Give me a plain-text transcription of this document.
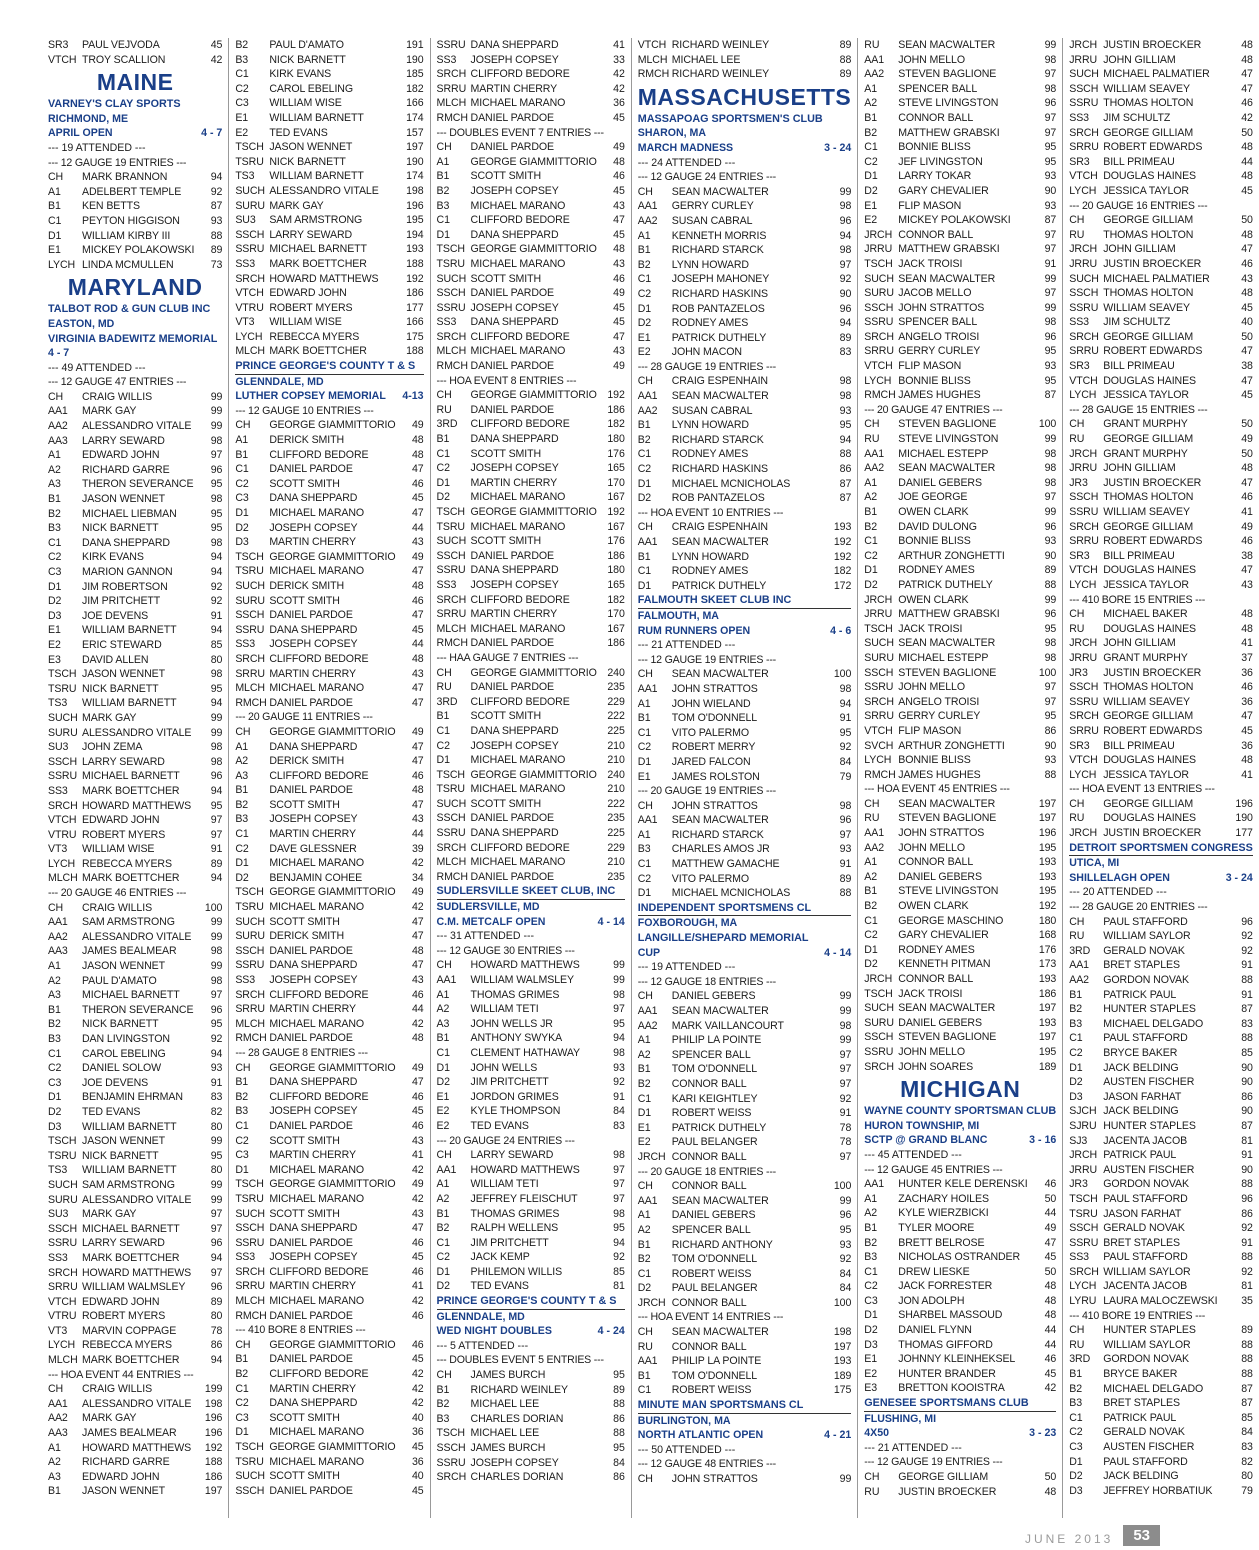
SR3	PAUL VEJVODA	45
VTCH TROY SCALLION	42
MAINE
VARNEY'S CLAY SPORTS
RICHMOND, ME
APRIL OPEN	4 - 7
--- 19 ATTENDED ---
--- 12 GAUGE 19 ENTRIES ---
CH	MARK BRANNON	94
A1	ADELBERT TEMPLE	92
B1	KEN BETTS	87
C1	PEYTON HIGGISON	93
D1	WILLIAM KIRBY III	88
E1	MICKEY POLAKOWSKI	89
LYCH LINDA MCMULLEN	73
MARYLAND
TALBOT ROD & GUN CLUB INC
EASTON, MD
VIRGINIA BADEWITZ MEMORIAL
4 - 7
--- 49 ATTENDED ---
--- 12 GAUGE 47 ENTRIES ---
CH	CRAIG WILLIS	99
AA1	MARK GAY	99
AA2	ALESSANDRO VITALE	99
AA3	LARRY SEWARD	98
A1	EDWARD JOHN	97
A2	RICHARD GARRE	96
A3	THERON SEVERANCE	95
B1	JASON WENNET	98
B2	MICHAEL LIEBMAN	95
B3	NICK BARNETT	95
C1	DANA SHEPPARD	98
C2	KIRK EVANS	94
C3	MARION GANNON	94
D1	JIM ROBERTSON	92
D2	JIM PRITCHETT	92
D3	JOE DEVENS	91
E1	WILLIAM BARNETT	94
E2	ERIC STEWARD	85
E3	DAVID ALLEN	80
TSCH JASON WENNET	98
TSRU NICK BARNETT	95
TS3	WILLIAM BARNETT	94
SUCH MARK GAY	99
SURU ALESSANDRO VITALE	99
SU3	JOHN ZEMA	98
SSCH LARRY SEWARD	98
SSRU MICHAEL BARNETT	96
SS3	MARK BOETTCHER	94
SRCH HOWARD MATTHEWS	95
VTCH EDWARD JOHN	97
VTRU ROBERT MYERS	97
VT3	WILLIAM WISE	91
LYCH REBECCA MYERS	89
MLCH MARK BOETTCHER	94
--- 20 GAUGE 46 ENTRIES ---
CH	CRAIG WILLIS	100
AA1	SAM ARMSTRONG	99
AA2	ALESSANDRO VITALE	99
AA3	JAMES BEALMEAR	98
A1	JASON WENNET	99
A2	PAUL D'AMATO	98
A3	MICHAEL BARNETT	97
B1	THERON SEVERANCE	96
B2	NICK BARNETT	95
B3	DAN LIVINGSTON	92
C1	CAROL EBELING	94
C2	DANIEL SOLOW	93
C3	JOE DEVENS	91
D1	BENJAMIN EHRMAN	83
D2	TED EVANS	82
D3	WILLIAM BARNETT	80
TSCH JASON WENNET	99
TSRU NICK BARNETT	95
TS3	WILLIAM BARNETT	80
SUCH SAM ARMSTRONG	99
SURU ALESSANDRO VITALE	99
SU3	MARK GAY	97
SSCH MICHAEL BARNETT	97
SSRU LARRY SEWARD	96
SS3	MARK BOETTCHER	94
SRCH HOWARD MATTHEWS	97
SRRU WILLIAM WALMSLEY	96
VTCH EDWARD JOHN	89
VTRU ROBERT MYERS	80
VT3	MARVIN COPPAGE	78
LYCH REBECCA MYERS	86
MLCH MARK BOETTCHER	94
--- HOA EVENT 44 ENTRIES ---
CH	CRAIG WILLIS	199
AA1	ALESSANDRO VITALE	198
AA2	MARK GAY	196
AA3	JAMES BEALMEAR	196
A1	HOWARD MATTHEWS	192
A2	RICHARD GARRE	188
A3	EDWARD JOHN	186
B1	JASON WENNET	197
B2	PAUL D'AMATO	191
B3	NICK BARNETT	190
C1	KIRK EVANS	185
C2	CAROL EBELING	182
C3	WILLIAM WISE	166
E1	WILLIAM BARNETT	174
E2	TED EVANS	157
TSCH JASON WENNET	197
TSRU NICK BARNETT	190
TS3	WILLIAM BARNETT	174
SUCH ALESSANDRO VITALE	198
SURU MARK GAY	196
SU3	SAM ARMSTRONG	195
SSCH LARRY SEWARD	194
SSRU MICHAEL BARNETT	193
SS3	MARK BOETTCHER	188
SRCH HOWARD MATTHEWS	192
VTCH EDWARD JOHN	186
VTRU ROBERT MYERS	177
VT3	WILLIAM WISE	166
LYCH REBECCA MYERS	175
MLCH MARK BOETTCHER	188
PRINCE GEORGE'S COUNTY T & S
GLENNDALE, MD
LUTHER COPSEY MEMORIAL	4-13
--- 12 GAUGE 10 ENTRIES ---
CH	GEORGE GIAMMITTORIO	49
A1	DERICK SMITH	48
B1	CLIFFORD BEDORE	48
C1	DANIEL PARDOE	47
C2	SCOTT SMITH	46
C3	DANA SHEPPARD	45
D1	MICHAEL MARANO	47
D2	JOSEPH COPSEY	44
D3	MARTIN CHERRY	43
TSCH GEORGE GIAMMITTORIO	49
TSRU MICHAEL MARANO	47
SUCH DERICK SMITH	48
SURU SCOTT SMITH	46
SSCH DANIEL PARDOE	47
SSRU DANA SHEPPARD	45
SS3	JOSEPH COPSEY	44
SRCH CLIFFORD BEDORE	48
SRRU MARTIN CHERRY	43
MLCH MICHAEL MARANO	47
RMCH DANIEL PARDOE	47
--- 20 GAUGE 11 ENTRIES ---
CH	GEORGE GIAMMITTORIO	49
A1	DANA SHEPPARD	47
A2	DERICK SMITH	47
A3	CLIFFORD BEDORE	46
B1	DANIEL PARDOE	48
B2	SCOTT SMITH	47
B3	JOSEPH COPSEY	43
C1	MARTIN CHERRY	44
C2	DAVE GLESSNER	39
D1	MICHAEL MARANO	42
D2	BENJAMIN COHEE	34
TSCH GEORGE GIAMMITTORIO	49
TSRU MICHAEL MARANO	42
SUCH SCOTT SMITH	47
SURU DERICK SMITH	47
SSCH DANIEL PARDOE	48
SSRU DANA SHEPPARD	47
SS3	JOSEPH COPSEY	43
SRCH CLIFFORD BEDORE	46
SRRU MARTIN CHERRY	44
MLCH MICHAEL MARANO	42
RMCH DANIEL PARDOE	48
--- 28 GAUGE 8 ENTRIES ---
CH	GEORGE GIAMMITTORIO	49
B1	DANA SHEPPARD	47
B2	CLIFFORD BEDORE	46
B3	JOSEPH COPSEY	45
C1	DANIEL PARDOE	46
C2	SCOTT SMITH	43
C3	MARTIN CHERRY	41
D1	MICHAEL MARANO	42
TSCH GEORGE GIAMMITTORIO	49
TSRU MICHAEL MARANO	42
SUCH SCOTT SMITH	43
SSCH DANA SHEPPARD	47
SSRU DANIEL PARDOE	46
SS3	JOSEPH COPSEY	45
SRCH CLIFFORD BEDORE	46
SRRU MARTIN CHERRY	41
MLCH MICHAEL MARANO	42
RMCH DANIEL PARDOE	46
--- 410 BORE 8 ENTRIES ---
CH	GEORGE GIAMMITTORIO	46
B1	DANIEL PARDOE	45
B2	CLIFFORD BEDORE	42
C1	MARTIN CHERRY	42
C2	DANA SHEPPARD	42
C3	SCOTT SMITH	40
D1	MICHAEL MARANO	36
TSCH GEORGE GIAMMITTORIO	45
TSRU MICHAEL MARANO	36
SUCH SCOTT SMITH	40
SSCH DANIEL PARDOE	45
SSRU DANA SHEPPARD	41
SS3	JOSEPH COPSEY	33
SRCH CLIFFORD BEDORE	42
SRRU MARTIN CHERRY	42
MLCH MICHAEL MARANO	36
RMCH DANIEL PARDOE	45
--- DOUBLES EVENT 7 ENTRIES ---
CH	DANIEL PARDOE	49
A1	GEORGE GIAMMITTORIO	48
B1	SCOTT SMITH	46
B2	JOSEPH COPSEY	45
B3	MICHAEL MARANO	43
C1	CLIFFORD BEDORE	47
D1	DANA SHEPPARD	45
TSCH GEORGE GIAMMITTORIO	48
TSRU MICHAEL MARANO	43
SUCH SCOTT SMITH	46
SSCH DANIEL PARDOE	49
SSRU JOSEPH COPSEY	45
SS3	DANA SHEPPARD	45
SRCH CLIFFORD BEDORE	47
MLCH MICHAEL MARANO	43
RMCH DANIEL PARDOE	49
--- HOA EVENT 8 ENTRIES ---
CH	GEORGE GIAMMITTORIO	192
RU	DANIEL PARDOE	186
3RD	CLIFFORD BEDORE	182
B1	DANA SHEPPARD	180
C1	SCOTT SMITH	176
C2	JOSEPH COPSEY	165
D1	MARTIN CHERRY	170
D2	MICHAEL MARANO	167
TSCH GEORGE GIAMMITTORIO	192
TSRU MICHAEL MARANO	167
SUCH SCOTT SMITH	176
SSCH DANIEL PARDOE	186
SSRU DANA SHEPPARD	180
SS3	JOSEPH COPSEY	165
SRCH CLIFFORD BEDORE	182
SRRU MARTIN CHERRY	170
MLCH MICHAEL MARANO	167
RMCH DANIEL PARDOE	186
--- HAA GAUGE 7 ENTRIES ---
CH	GEORGE GIAMMITTORIO	240
RU	DANIEL PARDOE	235
3RD	CLIFFORD BEDORE	229
B1	SCOTT SMITH	222
C1	DANA SHEPPARD	225
C2	JOSEPH COPSEY	210
D1	MICHAEL MARANO	210
TSCH GEORGE GIAMMITTORIO	240
TSRU MICHAEL MARANO	210
SUCH SCOTT SMITH	222
SSCH DANIEL PARDOE	235
SSRU DANA SHEPPARD	225
SRCH CLIFFORD BEDORE	229
MLCH MICHAEL MARANO	210
RMCH DANIEL PARDOE	235
SUDLERSVILLE SKEET CLUB, INC
SUDLERSVILLE, MD
C.M. METCALF OPEN	4 - 14
--- 31 ATTENDED ---
--- 12 GAUGE 30 ENTRIES ---
CH	HOWARD MATTHEWS	99
AA1	WILLIAM WALMSLEY	99
A1	THOMAS GRIMES	98
A2	WILLIAM TETI	97
A3	JOHN WELLS JR	95
B1	ANTHONY SWYKA	94
C1	CLEMENT HATHAWAY	98
D1	JOHN WELLS	93
D2	JIM PRITCHETT	92
E1	JORDON GRIMES	91
E2	KYLE THOMPSON	84
E2	TED EVANS	83
--- 20 GAUGE 24 ENTRIES ---
CH	LARRY SEWARD	98
AA1	HOWARD MATTHEWS	97
A1	WILLIAM TETI	97
A2	JEFFREY FLEISCHUT	97
B1	THOMAS GRIMES	98
B2	RALPH WELLENS	95
C1	JIM PRITCHETT	94
C2	JACK KEMP	92
D1	PHILEMON WILLIS	85
D2	TED EVANS	81
PRINCE GEORGE'S COUNTY T & S
GLENNDALE, MD
WED NIGHT DOUBLES	4 - 24
--- 5 ATTENDED ---
--- DOUBLES EVENT 5 ENTRIES ---
CH	JAMES BURCH	95
B1	RICHARD WEINLEY	89
B2	MICHAEL LEE	88
B3	CHARLES DORIAN	86
TSCH MICHAEL LEE	88
SSCH JAMES BURCH	95
SSRU JOSEPH COPSEY	84
SRCH CHARLES DORIAN	86
VTCH RICHARD WEINLEY	89
MLCH MICHAEL LEE	88
RMCH RICHARD WEINLEY	89
MASSACHUSETTS
MASSAPOAG SPORTSMEN'S CLUB
SHARON, MA
MARCH MADNESS	3 - 24
--- 24 ATTENDED ---
--- 12 GAUGE 24 ENTRIES ---
CH	SEAN MACWALTER	99
AA1	GERRY CURLEY	98
AA2	SUSAN CABRAL	96
A1	KENNETH MORRIS	94
B1	RICHARD STARCK	98
B2	LYNN HOWARD	97
C1	JOSEPH MAHONEY	92
C2	RICHARD HASKINS	90
D1	ROB PANTAZELOS	96
D2	RODNEY AMES	94
E1	PATRICK DUTHELY	89
E2	JOHN MACON	83
--- 28 GAUGE 19 ENTRIES ---
CH	CRAIG ESPENHAIN	98
AA1	SEAN MACWALTER	98
AA2	SUSAN CABRAL	93
B1	LYNN HOWARD	95
B2	RICHARD STARCK	94
C1	RODNEY AMES	88
C2	RICHARD HASKINS	86
D1	MICHAEL MCNICHOLAS	87
D2	ROB PANTAZELOS	87
--- HOA EVENT 10 ENTRIES ---
CH	CRAIG ESPENHAIN	193
AA1	SEAN MACWALTER	192
B1	LYNN HOWARD	192
C1	RODNEY AMES	182
D1	PATRICK DUTHELY	172
FALMOUTH SKEET CLUB INC
FALMOUTH, MA
RUM RUNNERS OPEN	4 - 6
--- 21 ATTENDED ---
--- 12 GAUGE 19 ENTRIES ---
CH	SEAN MACWALTER	100
AA1	JOHN STRATTOS	98
A1	JOHN WIELAND	94
B1	TOM O'DONNELL	91
C1	VITO PALERMO	95
C2	ROBERT MERRY	92
D1	JARED FALCON	84
E1	JAMES ROLSTON	79
--- 20 GAUGE 19 ENTRIES ---
CH	JOHN STRATTOS	98
AA1	SEAN MACWALTER	96
A1	RICHARD STARCK	97
B3	CHARLES AMOS JR	93
C1	MATTHEW GAMACHE	91
C2	VITO PALERMO	89
D1	MICHAEL MCNICHOLAS	88
INDEPENDENT SPORTSMENS CL
FOXBOROUGH, MA
LANGILLE/SHEPARD MEMORIAL
CUP	4 - 14
--- 19 ATTENDED ---
--- 12 GAUGE 18 ENTRIES ---
CH	DANIEL GEBERS	99
AA1	SEAN MACWALTER	99
AA2	MARK VAILLANCOURT	98
A1	PHILIP LA POINTE	99
A2	SPENCER BALL	97
B1	TOM O'DONNELL	97
B2	CONNOR BALL	97
C1	KARI KEIGHTLEY	92
D1	ROBERT WEISS	91
E1	PATRICK DUTHELY	78
E2	PAUL BELANGER	78
JRCH CONNOR BALL	97
--- 20 GAUGE 18 ENTRIES ---
CH	CONNOR BALL	100
AA1	SEAN MACWALTER	99
A1	DANIEL GEBERS	96
A2	SPENCER BALL	95
B1	RICHARD ANTHONY	93
B2	TOM O'DONNELL	92
C1	ROBERT WEISS	84
D2	PAUL BELANGER	84
JRCH CONNOR BALL	100
--- HOA EVENT 14 ENTRIES ---
CH	SEAN MACWALTER	198
RU	CONNOR BALL	197
AA1	PHILIP LA POINTE	193
B1	TOM O'DONNELL	189
C1	ROBERT WEISS	175
MINUTE MAN SPORTSMANS CL
BURLINGTON, MA
NORTH ATLANTIC OPEN	4 - 21
--- 50 ATTENDED ---
--- 12 GAUGE 48 ENTRIES ---
CH	JOHN STRATTOS	99
RU	SEAN MACWALTER	99
AA1	JOHN MELLO	98
AA2	STEVEN BAGLIONE	97
A1	SPENCER BALL	98
A2	STEVE LIVINGSTON	96
B1	CONNOR BALL	97
B2	MATTHEW GRABSKI	97
C1	BONNIE BLISS	95
C2	JEF LIVINGSTON	95
D1	LARRY TOKAR	93
D2	GARY CHEVALIER	90
E1	FLIP MASON	93
E2	MICKEY POLAKOWSKI	87
JRCH CONNOR BALL	97
JRRU MATTHEW GRABSKI	97
TSCH JACK TROISI	91
SUCH SEAN MACWALTER	99
SURU JACOB MELLO	97
SSCH JOHN STRATTOS	99
SSRU SPENCER BALL	98
SRCH ANGELO TROISI	96
SRRU GERRY CURLEY	95
VTCH FLIP MASON	93
LYCH BONNIE BLISS	95
RMCH JAMES HUGHES	87
--- 20 GAUGE 47 ENTRIES ---
CH	STEVEN BAGLIONE	100
RU	STEVE LIVINGSTON	99
AA1	MICHAEL ESTEPP	98
AA2	SEAN MACWALTER	98
A1	DANIEL GEBERS	98
A2	JOE GEORGE	97
B1	OWEN CLARK	99
B2	DAVID DULONG	96
C1	BONNIE BLISS	93
C2	ARTHUR ZONGHETTI	90
D1	RODNEY AMES	89
D2	PATRICK DUTHELY	88
JRCH OWEN CLARK	99
JRRU MATTHEW GRABSKI	96
TSCH JACK TROISI	95
SUCH SEAN MACWALTER	98
SURU MICHAEL ESTEPP	98
SSCH STEVEN BAGLIONE	100
SSRU JOHN MELLO	97
SRCH ANGELO TROISI	97
SRRU GERRY CURLEY	95
VTCH FLIP MASON	86
SVCH ARTHUR ZONGHETTI	90
LYCH BONNIE BLISS	93
RMCH JAMES HUGHES	88
--- HOA EVENT 45 ENTRIES ---
CH	SEAN MACWALTER	197
RU	STEVEN BAGLIONE	197
AA1	JOHN STRATTOS	196
AA2	JOHN MELLO	195
A1	CONNOR BALL	193
A2	DANIEL GEBERS	193
B1	STEVE LIVINGSTON	195
B2	OWEN CLARK	192
C1	GEORGE MASCHINO	180
C2	GARY CHEVALIER	168
D1	RODNEY AMES	176
D2	KENNETH PITMAN	173
JRCH CONNOR BALL	193
TSCH JACK TROISI	186
SUCH SEAN MACWALTER	197
SURU DANIEL GEBERS	193
SSCH STEVEN BAGLIONE	197
SSRU JOHN MELLO	195
SRCH JOHN SOARES	189
MICHIGAN
WAYNE COUNTY SPORTSMAN CLUB
HURON TOWNSHIP, MI
SCTP @ GRAND BLANC	3 - 16
--- 45 ATTENDED ---
--- 12 GAUGE 45 ENTRIES ---
AA1	HUNTER KELE DERENSKI	46
A1	ZACHARY HOILES	50
A2	KYLE WIERZBICKI	44
B1	TYLER MOORE	49
B2	BRETT BELROSE	47
B3	NICHOLAS OSTRANDER	45
C1	DREW LIESKE	50
C2	JACK FORRESTER	48
C3	JON ADOLPH	48
D1	SHARBEL MASSOUD	48
D2	DANIEL FLYNN	44
D3	THOMAS GIFFORD	44
E1	JOHNNY KLEINHEKSEL	46
E2	HUNTER BRANDER	45
E3	BRETTON KOOISTRA	42
GENESEE SPORTSMANS CLUB
FLUSHING, MI
4X50	3 - 23
--- 21 ATTENDED ---
--- 12 GAUGE 19 ENTRIES ---
CH	GEORGE GILLIAM	50
RU	JUSTIN BROECKER	48
JRCH JUSTIN BROECKER	48
JRRU JOHN GILLIAM	48
SUCH MICHAEL PALMATIER	47
SSCH WILLIAM SEAVEY	47
SSRU THOMAS HOLTON	46
SS3	JIM SCHULTZ	42
SRCH GEORGE GILLIAM	50
SRRU ROBERT EDWARDS	48
SR3	BILL PRIMEAU	44
VTCH DOUGLAS HAINES	48
LYCH JESSICA TAYLOR	45
--- 20 GAUGE 16 ENTRIES ---
CH	GEORGE GILLIAM	50
RU	THOMAS HOLTON	48
JRCH JOHN GILLIAM	47
JRRU JUSTIN BROECKER	46
SUCH MICHAEL PALMATIER	43
SSCH THOMAS HOLTON	48
SSRU WILLIAM SEAVEY	45
SS3	JIM SCHULTZ	40
SRCH GEORGE GILLIAM	50
SRRU ROBERT EDWARDS	47
SR3	BILL PRIMEAU	38
VTCH DOUGLAS HAINES	47
LYCH JESSICA TAYLOR	45
--- 28 GAUGE 15 ENTRIES ---
CH	GRANT MURPHY	50
RU	GEORGE GILLIAM	49
JRCH GRANT MURPHY	50
JRRU JOHN GILLIAM	48
JR3	JUSTIN BROECKER	47
SSCH THOMAS HOLTON	46
SSRU WILLIAM SEAVEY	41
SRCH GEORGE GILLIAM	49
SRRU ROBERT EDWARDS	46
SR3	BILL PRIMEAU	38
VTCH DOUGLAS HAINES	47
LYCH JESSICA TAYLOR	43
--- 410 BORE 15 ENTRIES ---
CH	MICHAEL BAKER	48
RU	DOUGLAS HAINES	48
JRCH JOHN GILLIAM	41
JRRU GRANT MURPHY	37
JR3	JUSTIN BROECKER	36
SSCH THOMAS HOLTON	46
SSRU WILLIAM SEAVEY	36
SRCH GEORGE GILLIAM	47
SRRU ROBERT EDWARDS	45
SR3	BILL PRIMEAU	36
VTCH DOUGLAS HAINES	48
LYCH JESSICA TAYLOR	41
--- HOA EVENT 13 ENTRIES ---
CH	GEORGE GILLIAM	196
RU	DOUGLAS HAINES	190
JRCH JUSTIN BROECKER	177
DETROIT SPORTSMEN CONGRESS
UTICA, MI
SHILLELAGH OPEN	3 - 24
--- 20 ATTENDED ---
--- 28 GAUGE 20 ENTRIES ---
CH	PAUL STAFFORD	96
RU	WILLIAM SAYLOR	92
3RD	GERALD NOVAK	92
AA1	BRET STAPLES	91
AA2	GORDON NOVAK	88
B1	PATRICK PAUL	91
B2	HUNTER STAPLES	87
B3	MICHAEL DELGADO	83
C1	PAUL STAFFORD	88
C2	BRYCE BAKER	85
D1	JACK BELDING	90
D2	AUSTEN FISCHER	90
D3	JASON FARHAT	86
SJCH JACK BELDING	90
SJRU HUNTER STAPLES	87
SJ3	JACENTA JACOB	81
JRCH PATRICK PAUL	91
JRRU AUSTEN FISCHER	90
JR3	GORDON NOVAK	88
TSCH PAUL STAFFORD	96
TSRU JASON FARHAT	86
SSCH GERALD NOVAK	92
SSRU BRET STAPLES	91
SS3	PAUL STAFFORD	88
SRCH WILLIAM SAYLOR	92
LYCH JACENTA JACOB	81
LYRU LAURA MALOCZEWSKI	35
--- 410 BORE 19 ENTRIES ---
CH	HUNTER STAPLES	89
RU	WILLIAM SAYLOR	88
3RD	GORDON NOVAK	88
B1	BRYCE BAKER	88
B2	MICHAEL DELGADO	87
B3	BRET STAPLES	87
C1	PATRICK PAUL	85
C2	GERALD NOVAK	84
C3	AUSTEN FISCHER	83
D1	PAUL STAFFORD	82
D2	JACK BELDING	80
D3	JEFFREY HORBATIUK	79
JUNE 2013	53
